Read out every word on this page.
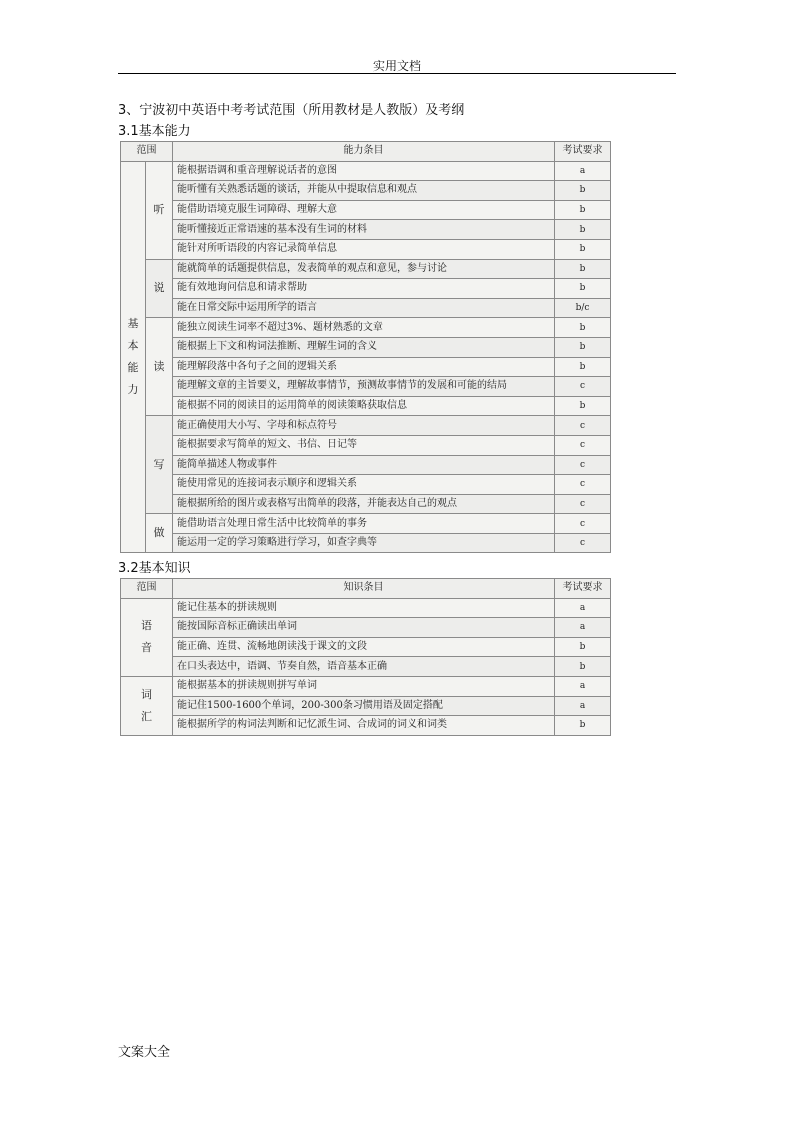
实用文档
3、宁波初中英语中考考试范围（所用教材是人教版）及考纲
3.1基本能力
范围		能力条目	考试要求

基
本
能
力	听	能根据语调和重音理解说话者的意图	a
		能听懂有关熟悉话题的谈话，并能从中提取信息和观点	b
		能借助语境克服生词障碍、理解大意	b
		能听懂接近正常语速的基本没有生词的材料	b
		能针对所听语段的内容记录简单信息	b

	说	能就简单的话题提供信息，发表简单的观点和意见，参与讨论	b
		能有效地询问信息和请求帮助	b
		能在日常交际中运用所学的语言	b/c

	读	能独立阅读生词率不超过3%、题材熟悉的文章	b
		能根据上下文和构词法推断、理解生词的含义	b
		能理解段落中各句子之间的逻辑关系	b
		能理解文章的主旨要义，理解故事情节，预测故事情节的发展和可能的结局	c
		能根据不同的阅读目的运用简单的阅读策略获取信息	b

	写	能正确使用大小写、字母和标点符号	c
		能根据要求写简单的短文、书信、日记等	c
		能简单描述人物或事件	c
		能使用常见的连接词表示顺序和逻辑关系	c
		能根据所给的图片或表格写出简单的段落，并能表达自己的观点	c

	做	能借助语言处理日常生活中比较简单的事务	c
		能运用一定的学习策略进行学习，如查字典等	c
3.2基本知识
范围	知识条目	考试要求

语
音	能记住基本的拼读规则	a
	能按国际音标正确读出单词	a
	能正确、连贯、流畅地朗读浅于课文的文段	b
	在口头表达中，语调、节奏自然，语音基本正确	b

词
汇	能根据基本的拼读规则拼写单词	a
	能记住1500-1600个单词，200-300条习惯用语及固定搭配	a
	能根据所学的构词法判断和记忆派生词、合成词的词义和词类	b
文案大全
